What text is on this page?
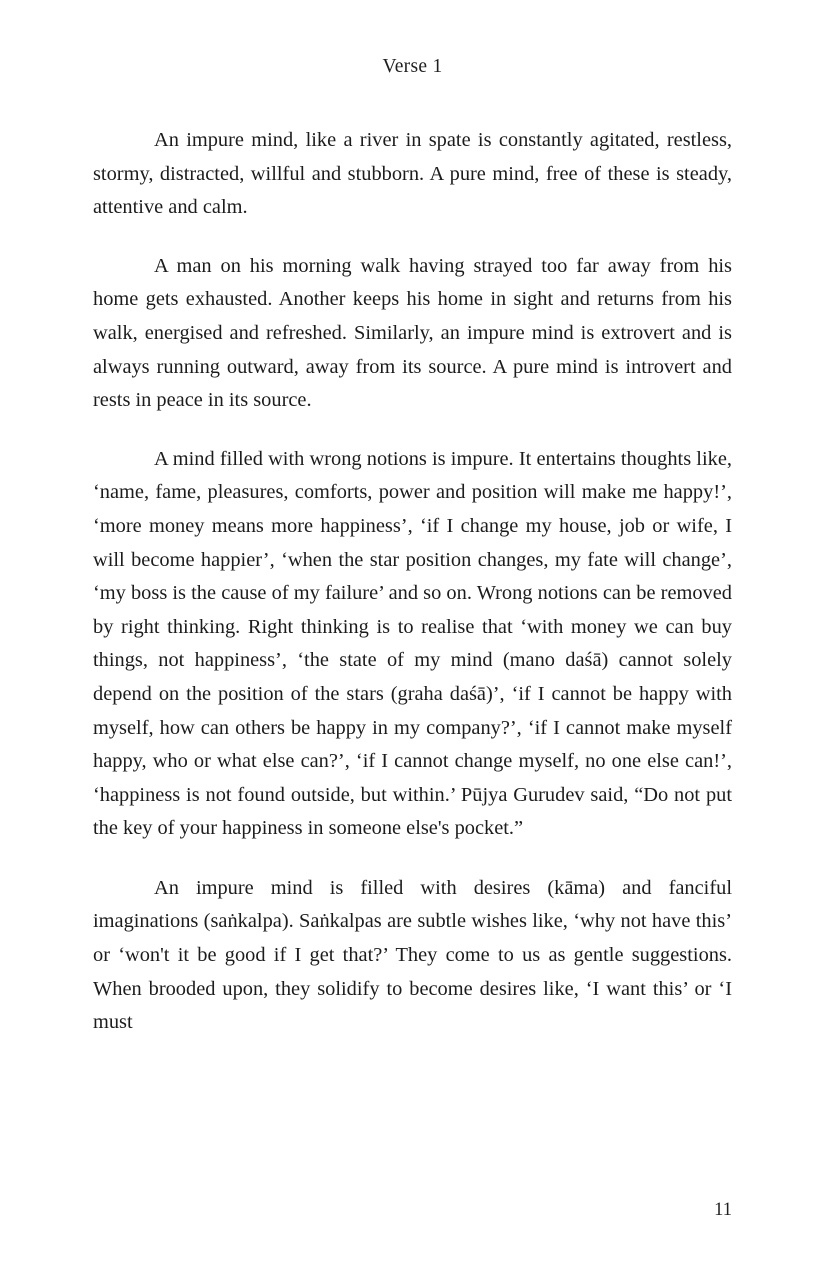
Verse 1

An impure mind, like a river in spate is constantly agitated, restless, stormy, distracted, willful and stubborn. A pure mind, free of these is steady, attentive and calm.

A man on his morning walk having strayed too far away from his home gets exhausted. Another keeps his home in sight and returns from his walk, energised and refreshed. Similarly, an impure mind is extrovert and is always running outward, away from its source. A pure mind is introvert and rests in peace in its source.

A mind filled with wrong notions is impure. It entertains thoughts like, ‘name, fame, pleasures, comforts, power and position will make me happy!’, ‘more money means more happiness’, ‘if I change my house, job or wife, I will become happier’, ‘when the star position changes, my fate will change’, ‘my boss is the cause of my failure’ and so on. Wrong notions can be removed by right thinking. Right thinking is to realise that ‘with money we can buy things, not happiness’, ‘the state of my mind (mano daśā) cannot solely depend on the position of the stars (graha daśā)’, ‘if I cannot be happy with myself, how can others be happy in my company?’, ‘if I cannot make myself happy, who or what else can?’, ‘if I cannot change myself, no one else can!’, ‘happiness is not found outside, but within.’ Pūjya Gurudev said, “Do not put the key of your happiness in someone else's pocket.”

An impure mind is filled with desires (kāma) and fanciful imaginations (saṅkalpa). Saṅkalpas are subtle wishes like, ‘why not have this’ or ‘won't it be good if I get that?’ They come to us as gentle suggestions. When brooded upon, they solidify to become desires like, ‘I want this’ or ‘I must

11
